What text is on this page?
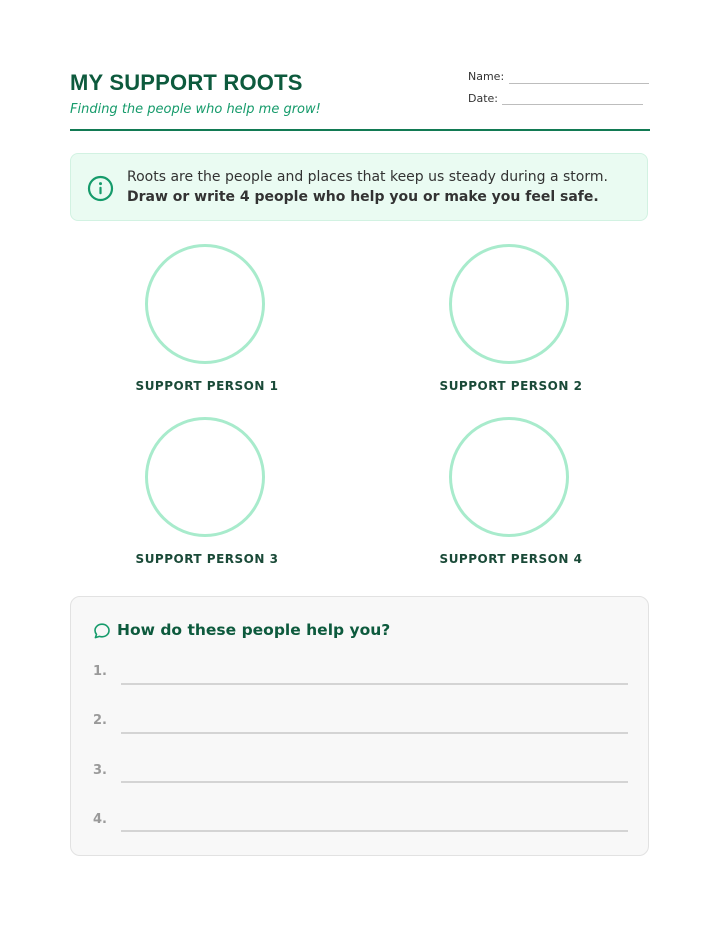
MY SUPPORT ROOTS

Finding the people who help me grow!

Name:
Date:
Roots are the people and places that keep us steady during a storm. Draw or write 4 people who help you or make you feel safe.
SUPPORT PERSON 1	SUPPORT PERSON 2
SUPPORT PERSON 3	SUPPORT PERSON 4
How do these people help you?
1.
2.
3.
4.
